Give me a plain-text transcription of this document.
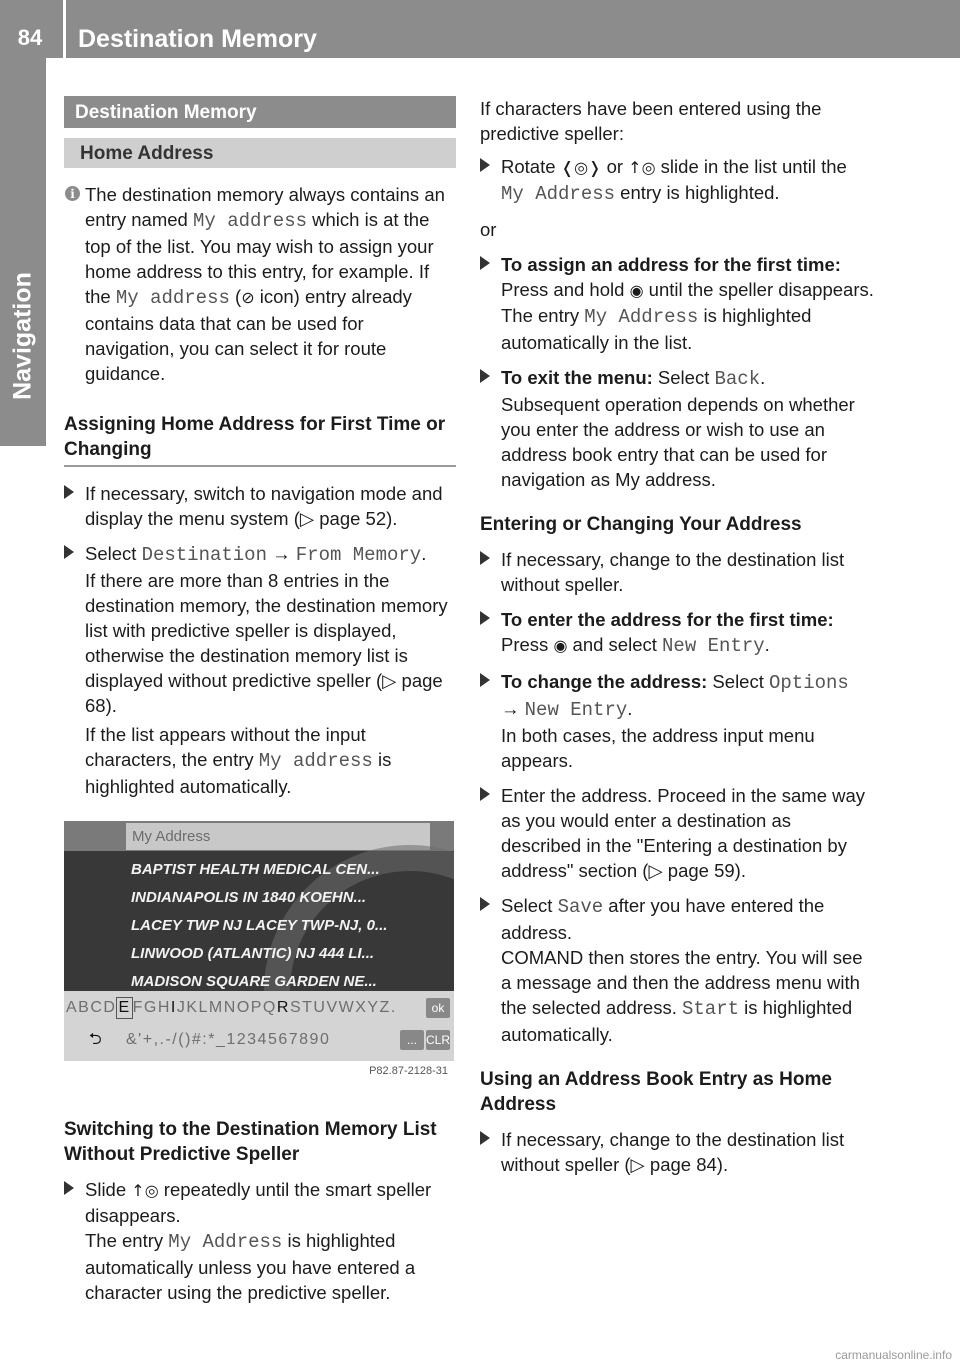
84	Destination Memory
Navigation
Destination Memory
Home Address
i The destination memory always contains an entry named My address which is at the top of the list. You may wish to assign your home address to this entry, for example. If the My address (⊘ icon) entry already contains data that can be used for navigation, you can select it for route guidance.
Assigning Home Address for First Time or Changing

If necessary, switch to navigation mode and display the menu system (▷ page 52).

Select Destination → From Memory.
If there are more than 8 entries in the destination memory, the destination memory list with predictive speller is displayed, otherwise the destination memory list is displayed without predictive speller (▷ page 68).

If the list appears without the input characters, the entry My address is highlighted automatically.

My Address
BAPTIST HEALTH MEDICAL CEN...
INDIANAPOLIS IN 1840 KOEHN...
LACEY TWP NJ LACEY TWP-NJ, 0...
LINWOOD (ATLANTIC) NJ 444 LI...
MADISON SQUARE GARDEN NE...
ABCD E FGHIJKLMNOPQRSTUVWXYZ.	ok
⮌ &'+,.-/()#:*_1234567890	... CLR
P82.87-2128-31
Switching to the Destination Memory List Without Predictive Speller

Slide ↑◎ repeatedly until the smart speller disappears.
The entry My Address is highlighted automatically unless you have entered a character using the predictive speller.

If characters have been entered using the predictive speller:

Rotate ❬◎❭ or ↑◎ slide in the list until the My Address entry is highlighted.

or

To assign an address for the first time:
Press and hold ◉ until the speller disappears.
The entry My Address is highlighted automatically in the list.

To exit the menu: Select Back.
Subsequent operation depends on whether you enter the address or wish to use an address book entry that can be used for navigation as My address.

Entering or Changing Your Address

If necessary, change to the destination list without speller.

To enter the address for the first time:
Press ◉ and select New Entry.

To change the address: Select Options
→ New Entry.
In both cases, the address input menu appears.

Enter the address. Proceed in the same way as you would enter a destination as described in the "Entering a destination by address" section (▷ page 59).

Select Save after you have entered the address.
COMAND then stores the entry. You will see a message and then the address menu with the selected address. Start is highlighted automatically.

Using an Address Book Entry as Home Address

If necessary, change to the destination list without speller (▷ page 84).

carmanualsonline.info
